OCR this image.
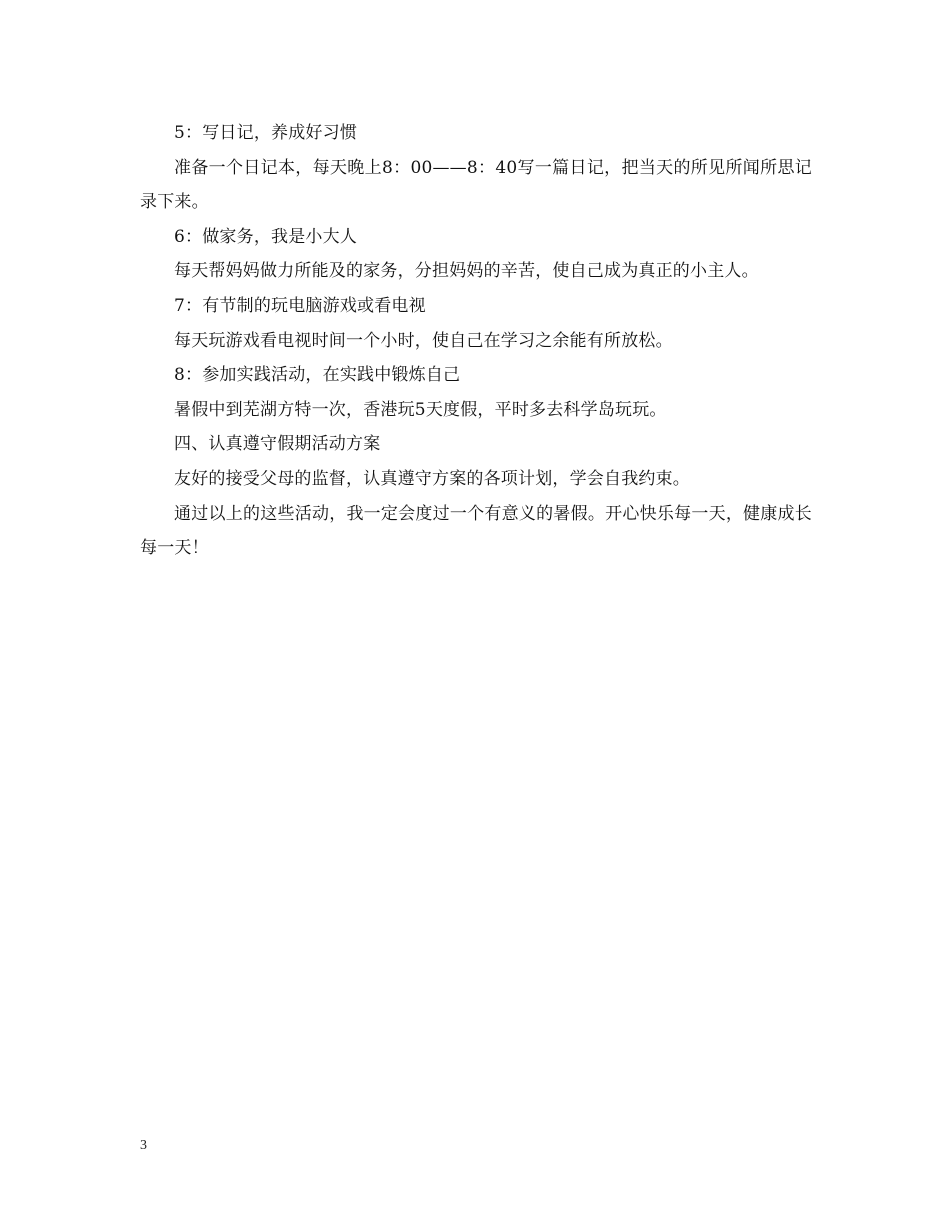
5：写日记，养成好习惯

准备一个日记本，每天晚上8：00——8：40写一篇日记，把当天的所见所闻所思记录下来。

6：做家务，我是小大人

每天帮妈妈做力所能及的家务，分担妈妈的辛苦，使自己成为真正的小主人。

7：有节制的玩电脑游戏或看电视

每天玩游戏看电视时间一个小时，使自己在学习之余能有所放松。

8：参加实践活动，在实践中锻炼自己

暑假中到芜湖方特一次，香港玩5天度假，平时多去科学岛玩玩。

四、认真遵守假期活动方案

友好的接受父母的监督，认真遵守方案的各项计划，学会自我约束。

通过以上的这些活动，我一定会度过一个有意义的暑假。开心快乐每一天，健康成长每一天！

3
